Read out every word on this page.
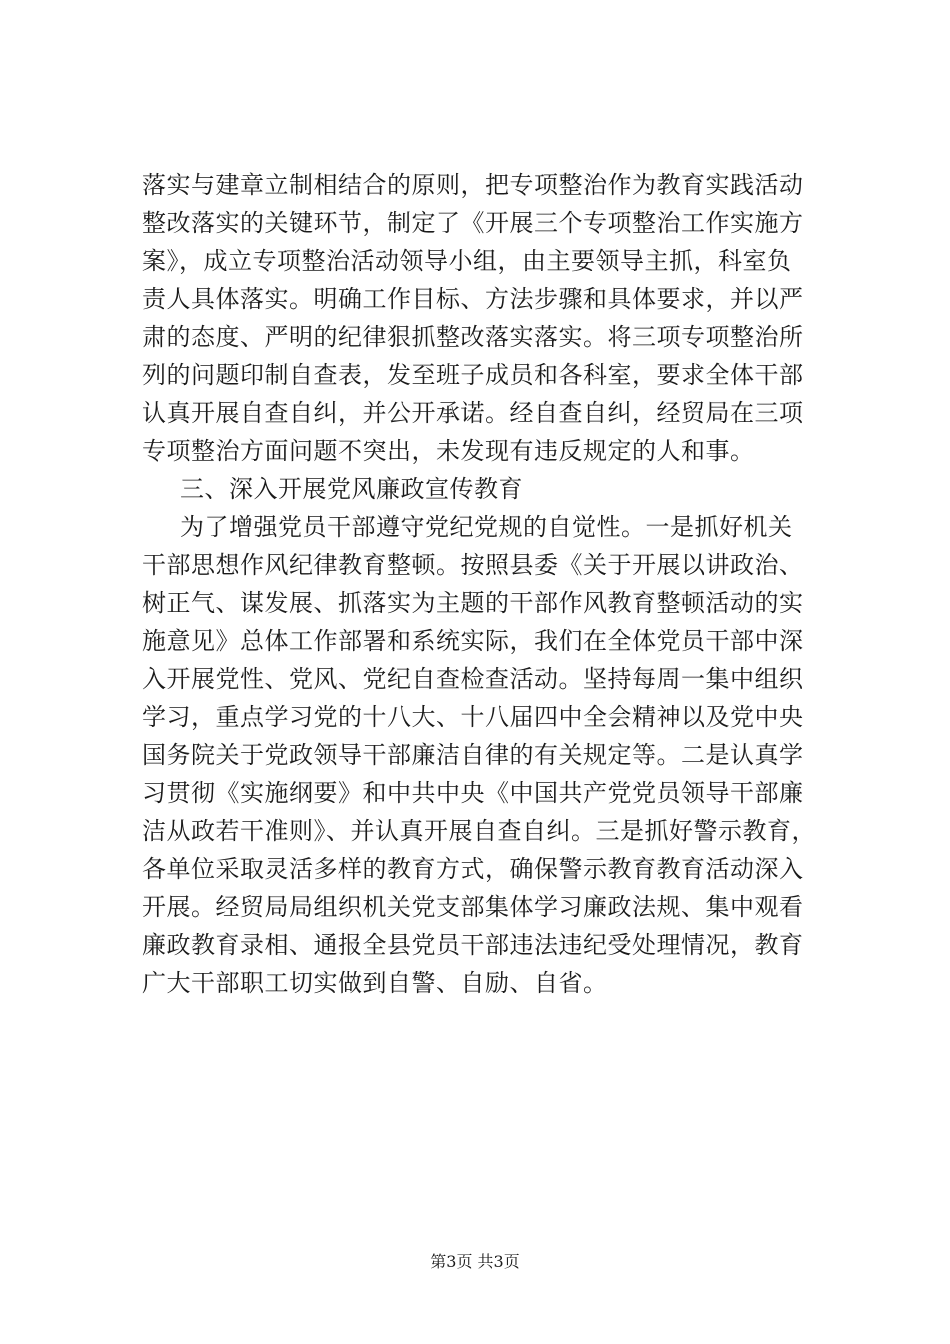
落实与建章立制相结合的原则，把专项整治作为教育实践活动
整改落实的关键环节，制定了《开展三个专项整治工作实施方
案》，成立专项整治活动领导小组，由主要领导主抓，科室负
责人具体落实。明确工作目标、方法步骤和具体要求，并以严
肃的态度、严明的纪律狠抓整改落实落实。将三项专项整治所
列的问题印制自查表，发至班子成员和各科室，要求全体干部
认真开展自查自纠，并公开承诺。经自查自纠，经贸局在三项
专项整治方面问题不突出，未发现有违反规定的人和事。
三、深入开展党风廉政宣传教育
为了增强党员干部遵守党纪党规的自觉性。一是抓好机关
干部思想作风纪律教育整顿。按照县委《关于开展以讲政治、
树正气、谋发展、抓落实为主题的干部作风教育整顿活动的实
施意见》总体工作部署和系统实际，我们在全体党员干部中深
入开展党性、党风、党纪自查检查活动。坚持每周一集中组织
学习，重点学习党的十八大、十八届四中全会精神以及党中央
国务院关于党政领导干部廉洁自律的有关规定等。二是认真学
习贯彻《实施纲要》和中共中央《中国共产党党员领导干部廉
洁从政若干准则》、并认真开展自查自纠。三是抓好警示教育，
各单位采取灵活多样的教育方式，确保警示教育教育活动深入
开展。经贸局局组织机关党支部集体学习廉政法规、集中观看
廉政教育录相、通报全县党员干部违法违纪受处理情况，教育
广大干部职工切实做到自警、自励、自省。
第3页 共3页
